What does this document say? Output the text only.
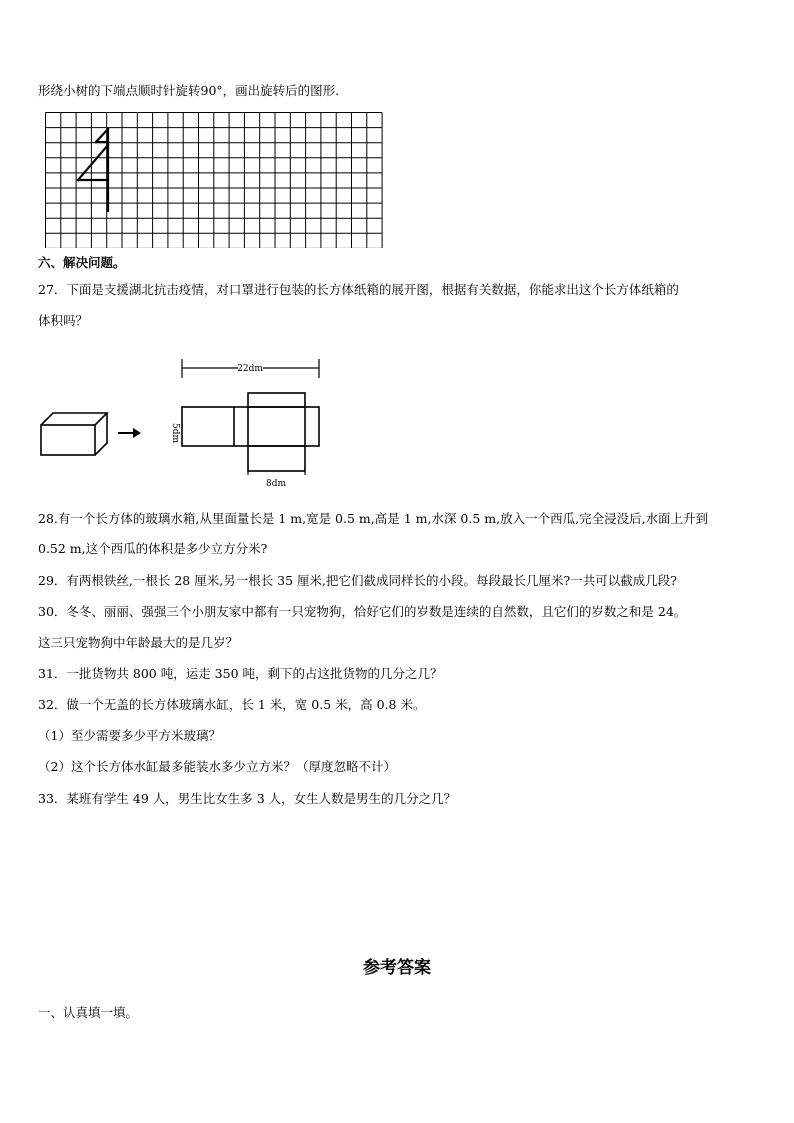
形绕小树的下端点顺时针旋转90°，画出旋转后的图形.
六、解决问题。
27．下面是支援湖北抗击疫情，对口罩进行包装的长方体纸箱的展开图，根据有关数据，你能求出这个长方体纸箱的
体积吗？
22dm
5dm
8dm
28.有一个长方体的玻璃水箱,从里面量长是 1 m,宽是 0.5 m,高是 1 m,水深 0.5 m,放入一个西瓜,完全浸没后,水面上升到
0.52 m,这个西瓜的体积是多少立方分米?
29．有两根铁丝,一根长 28 厘米,另一根长 35 厘米,把它们截成同样长的小段。每段最长几厘米?一共可以截成几段?
30．冬冬、丽丽、强强三个小朋友家中都有一只宠物狗，恰好它们的岁数是连续的自然数，且它们的岁数之和是 24。
这三只宠物狗中年龄最大的是几岁？
31．一批货物共 800 吨，运走 350 吨，剩下的占这批货物的几分之几？
32．做一个无盖的长方体玻璃水缸，长 1 米，宽 0.5 米，高 0.8 米。
（1）至少需要多少平方米玻璃？
（2）这个长方体水缸最多能装水多少立方米？（厚度忽略不计）
33．某班有学生 49 人，男生比女生多 3 人，女生人数是男生的几分之几？
参考答案
一、认真填一填。
